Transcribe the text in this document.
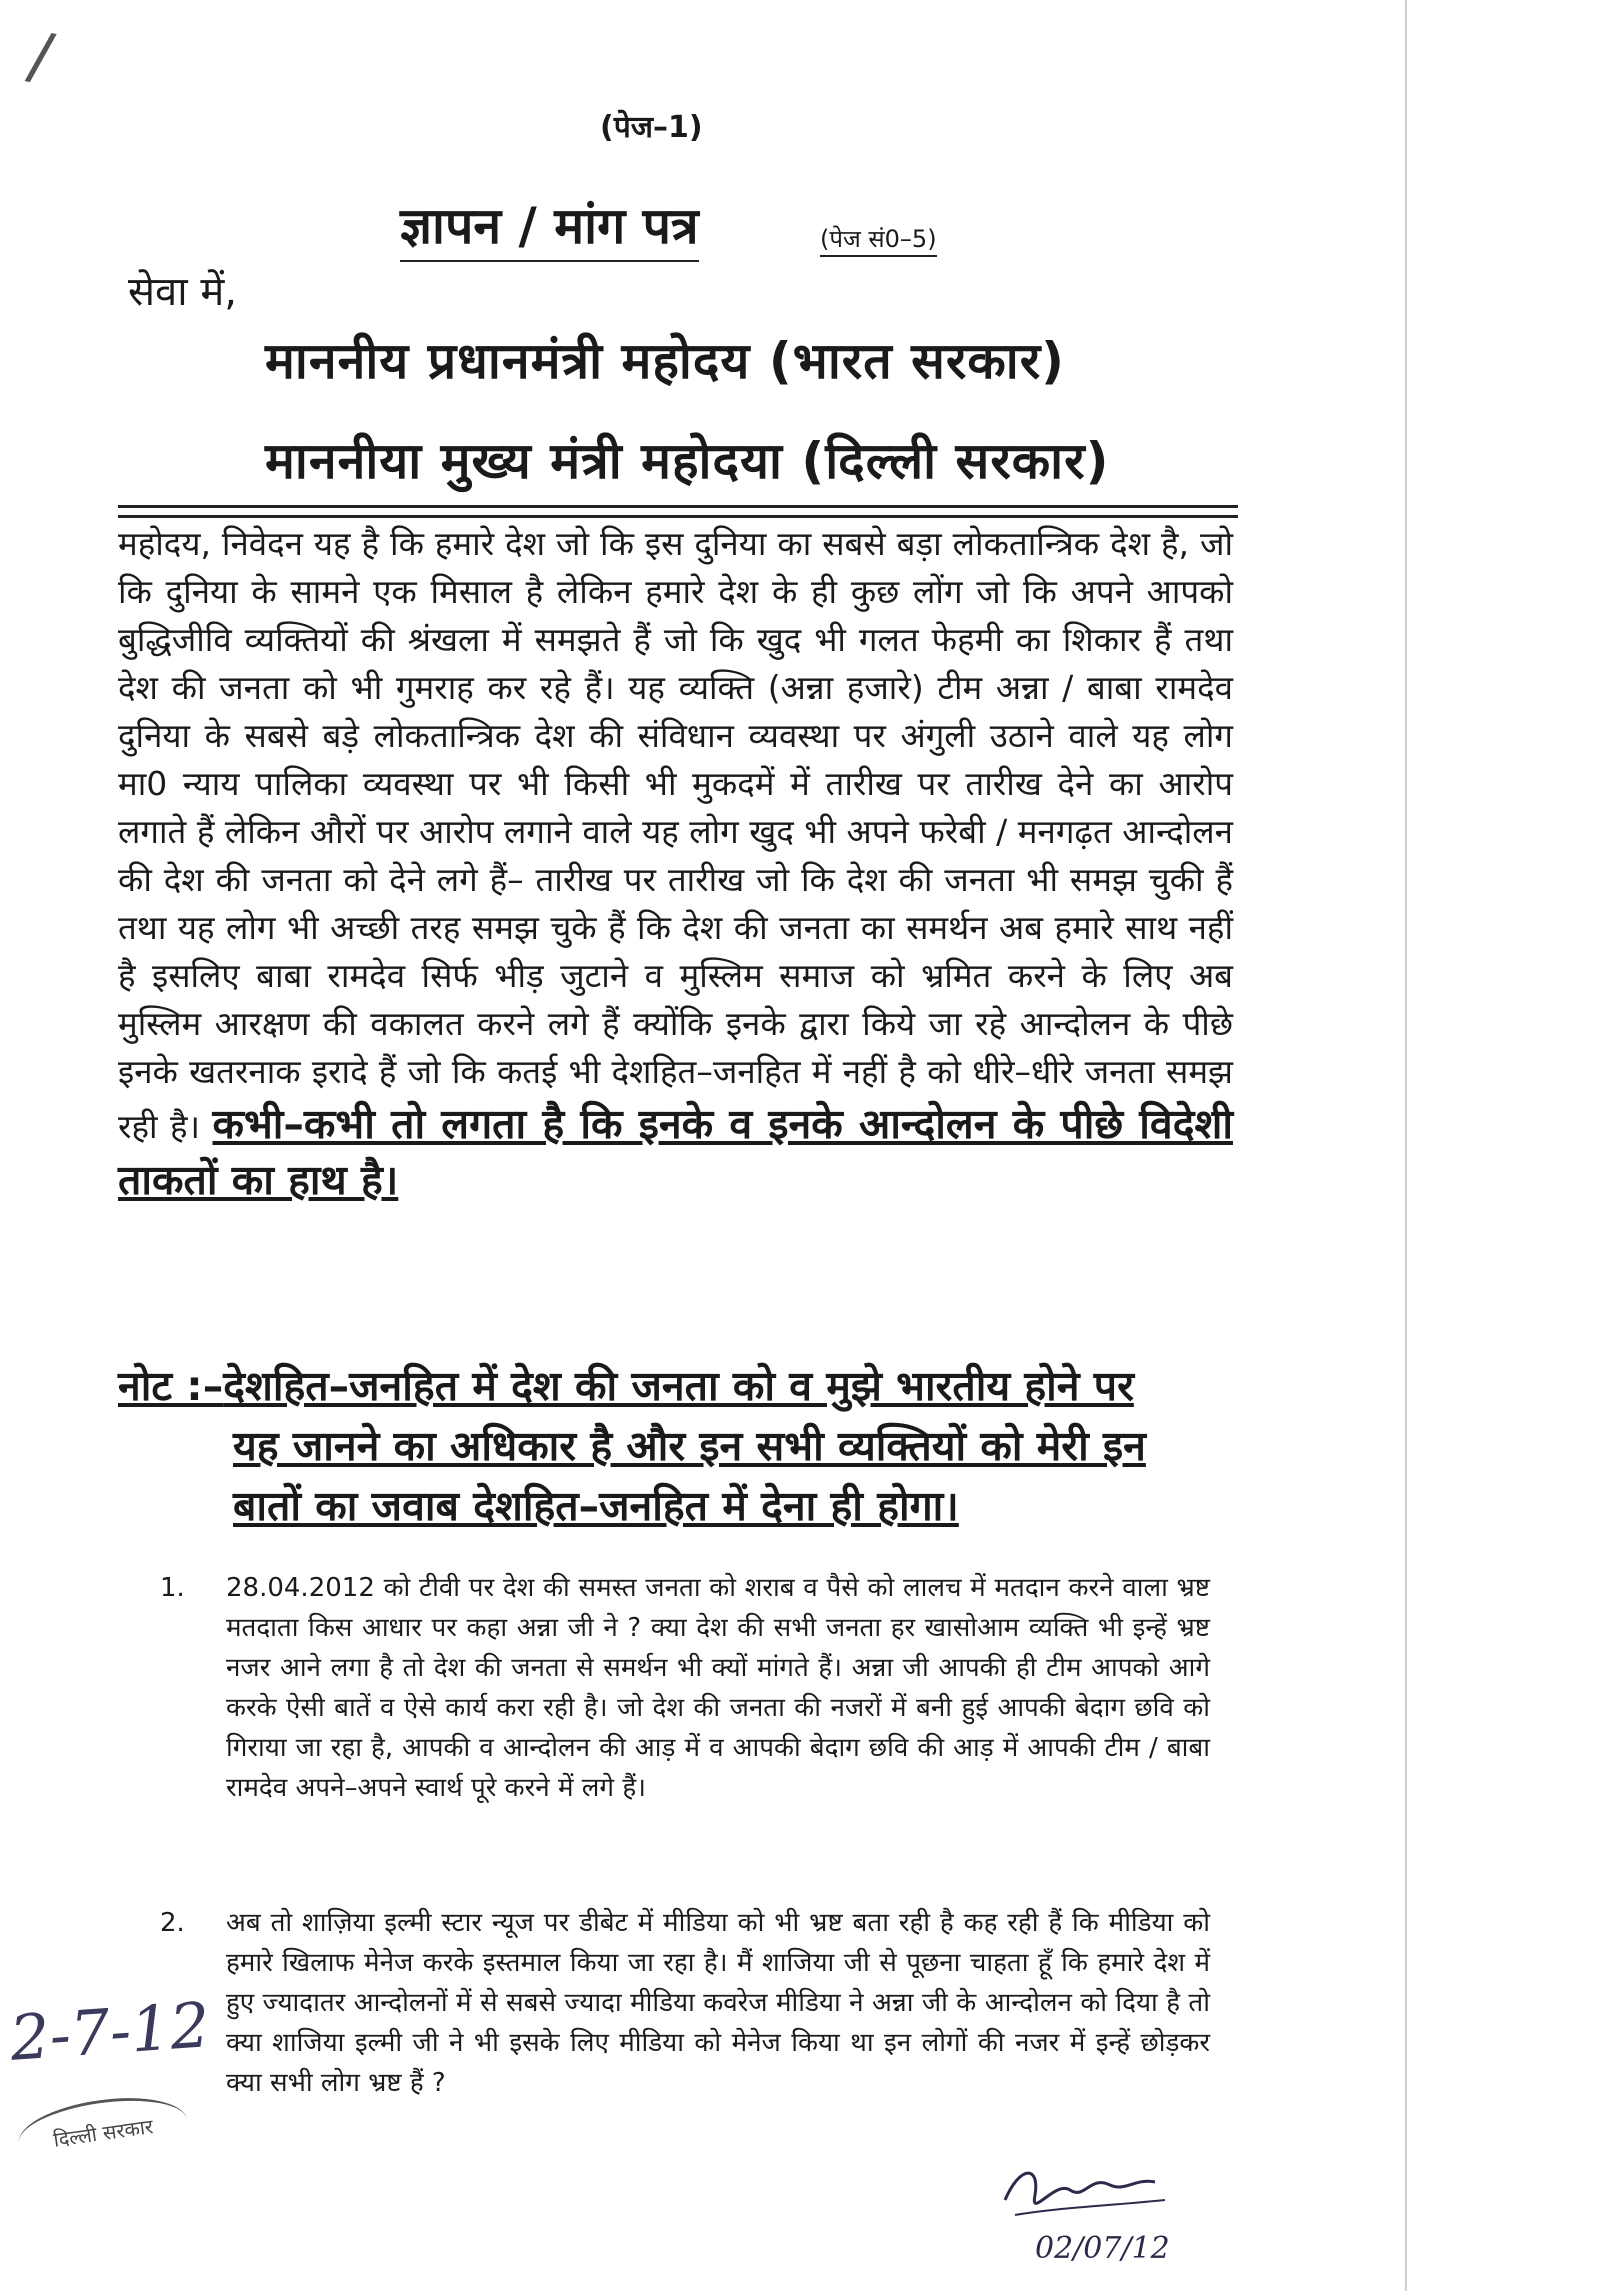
/
(पेज–1)
ज्ञापन / मांग पत्र	(पेज सं0–5)
सेवा में,
माननीय प्रधानमंत्री महोदय (भारत सरकार)
माननीया मुख्य मंत्री महोदया (दिल्ली सरकार)
महोदय, निवेदन यह है कि हमारे देश जो कि इस दुनिया का सबसे बड़ा लोकतान्त्रिक देश है, जो कि दुनिया के सामने एक मिसाल है लेकिन हमारे देश के ही कुछ लोंग जो कि अपने आपको बुद्धिजीवि व्यक्तियों की श्रंखला में समझते हैं जो कि खुद भी गलत फेहमी का शिकार हैं तथा देश की जनता को भी गुमराह कर रहे हैं। यह व्यक्ति (अन्ना हजारे) टीम अन्ना / बाबा रामदेव दुनिया के सबसे बड़े लोकतान्त्रिक देश की संविधान व्यवस्था पर अंगुली उठाने वाले यह लोग मा0 न्याय पालिका व्यवस्था पर भी किसी भी मुकदमें में तारीख पर तारीख देने का आरोप लगाते हैं लेकिन औरों पर आरोप लगाने वाले यह लोग खुद भी अपने फरेबी / मनगढ़त आन्दोलन की देश की जनता को देने लगे हैं– तारीख पर तारीख जो कि देश की जनता भी समझ चुकी हैं तथा यह लोग भी अच्छी तरह समझ चुके हैं कि देश की जनता का समर्थन अब हमारे साथ नहीं है इसलिए बाबा रामदेव सिर्फ भीड़ जुटाने व मुस्लिम समाज को भ्रमित करने के लिए अब मुस्लिम आरक्षण की वकालत करने लगे हैं क्योंकि इनके द्वारा किये जा रहे आन्दोलन के पीछे इनके खतरनाक इरादे हैं जो कि कतई भी देशहित–जनहित में नहीं है को धीरे–धीरे जनता समझ रही है। कभी–कभी तो लगता है कि इनके व इनके आन्दोलन के पीछे विदेशी ताकतों का हाथ है।
नोट :–देशहित–जनहित में देश की जनता को व मुझे भारतीय होने पर
यह जानने का अधिकार है और इन सभी व्यक्तियों को मेरी इन बातों का जवाब देशहित–जनहित में देना ही होगा।
1. 28.04.2012 को टीवी पर देश की समस्त जनता को शराब व पैसे को लालच में मतदान करने वाला भ्रष्ट मतदाता किस आधार पर कहा अन्ना जी ने ? क्या देश की सभी जनता हर खासोआम व्यक्ति भी इन्हें भ्रष्ट नजर आने लगा है तो देश की जनता से समर्थन भी क्यों मांगते हैं। अन्ना जी आपकी ही टीम आपको आगे करके ऐसी बातें व ऐसे कार्य करा रही है। जो देश की जनता की नजरों में बनी हुई आपकी बेदाग छवि को गिराया जा रहा है, आपकी व आन्दोलन की आड़ में व आपकी बेदाग छवि की आड़ में आपकी टीम / बाबा रामदेव अपने–अपने स्वार्थ पूरे करने में लगे हैं।
2. अब तो शाज़िया इल्मी स्टार न्यूज पर डीबेट में मीडिया को भी भ्रष्ट बता रही है कह रही हैं कि मीडिया को हमारे खिलाफ मेनेज करके इस्तमाल किया जा रहा है। मैं शाजिया जी से पूछना चाहता हूँ कि हमारे देश में हुए ज्यादातर आन्दोलनों में से सबसे ज्यादा मीडिया कवरेज मीडिया ने अन्ना जी के आन्दोलन को दिया है तो क्या शाजिया इल्मी जी ने भी इसके लिए मीडिया को मेनेज किया था इन लोगों की नजर में इन्हें छोड़कर क्या सभी लोग भ्रष्ट हैं ?
2-7-12
दिल्ली सरकार
02/07/12
